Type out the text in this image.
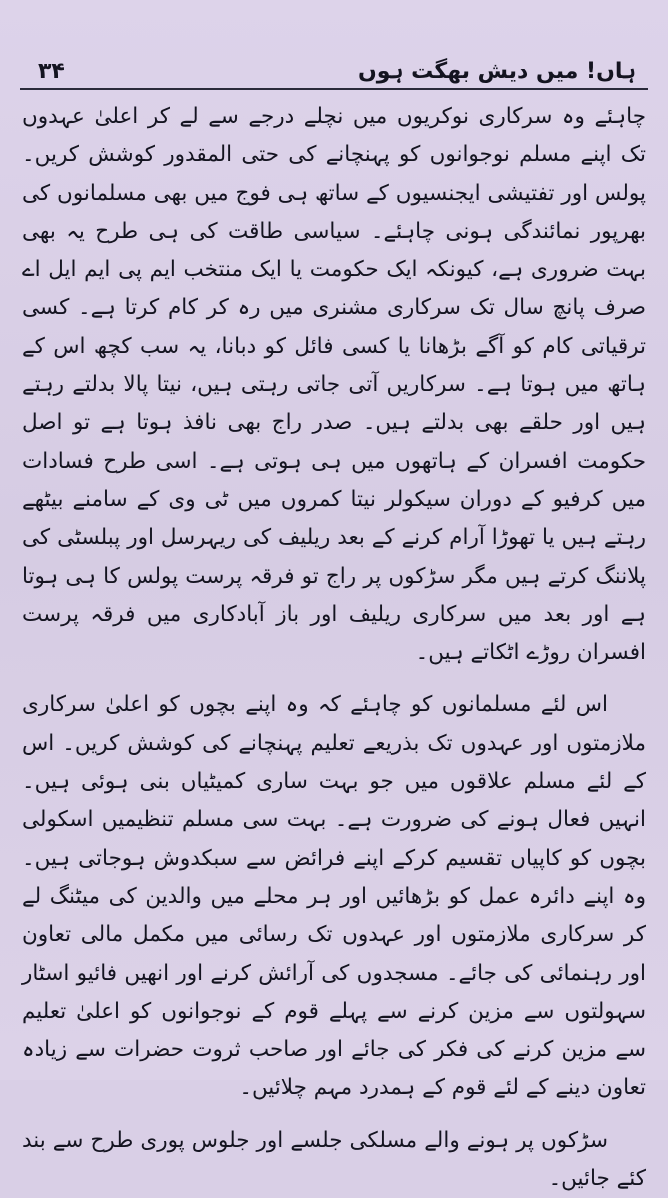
ہاں! میں دیش بھگت ہوں
۳۴

چاہئے وہ سرکاری نوکریوں میں نچلے درجے سے لے کر اعلیٰ عہدوں تک اپنے مسلم نوجوانوں کو پہنچانے کی حتی المقدور کوشش کریں۔ پولس اور تفتیشی ایجنسیوں کے ساتھ ہی فوج میں بھی مسلمانوں کی بھرپور نمائندگی ہونی چاہئے۔ سیاسی طاقت کی ہی طرح یہ بھی بہت ضروری ہے، کیونکہ ایک حکومت یا ایک منتخب ایم پی ایم ایل اے صرف پانچ سال تک سرکاری مشنری میں رہ کر کام کرتا ہے۔ کسی ترقیاتی کام کو آگے بڑھانا یا کسی فائل کو دبانا، یہ سب کچھ اس کے ہاتھ میں ہوتا ہے۔ سرکاریں آتی جاتی رہتی ہیں، نیتا پالا بدلتے رہتے ہیں اور حلقے بھی بدلتے ہیں۔ صدر راج بھی نافذ ہوتا ہے تو اصل حکومت افسران کے ہاتھوں میں ہی ہوتی ہے۔ اسی طرح فسادات میں کرفیو کے دوران سیکولر نیتا کمروں میں ٹی وی کے سامنے بیٹھے رہتے ہیں یا تھوڑا آرام کرنے کے بعد ریلیف کی ریہرسل اور پبلسٹی کی پلاننگ کرتے ہیں مگر سڑکوں پر راج تو فرقہ پرست پولس کا ہی ہوتا ہے اور بعد میں سرکاری ریلیف اور باز آبادکاری میں فرقہ پرست افسران روڑے اٹکاتے ہیں۔

اس لئے مسلمانوں کو چاہئے کہ وہ اپنے بچوں کو اعلیٰ سرکاری ملازمتوں اور عہدوں تک بذریعے تعلیم پہنچانے کی کوشش کریں۔ اس کے لئے مسلم علاقوں میں جو بہت ساری کمیٹیاں بنی ہوئی ہیں۔ انہیں فعال ہونے کی ضرورت ہے۔ بہت سی مسلم تنظیمیں اسکولی بچوں کو کاپیاں تقسیم کرکے اپنے فرائض سے سبکدوش ہوجاتی ہیں۔ وہ اپنے دائرہ عمل کو بڑھائیں اور ہر محلے میں والدین کی میٹنگ لے کر سرکاری ملازمتوں اور عہدوں تک رسائی میں مکمل مالی تعاون اور رہنمائی کی جائے۔ مسجدوں کی آرائش کرنے اور انھیں فائیو اسٹار سہولتوں سے مزین کرنے سے پہلے قوم کے نوجوانوں کو اعلیٰ تعلیم سے مزین کرنے کی فکر کی جائے اور صاحب ثروت حضرات سے زیادہ تعاون دینے کے لئے قوم کے ہمدرد مہم چلائیں۔

سڑکوں پر ہونے والے مسلکی جلسے اور جلوس پوری طرح سے بند کئے جائیں۔
